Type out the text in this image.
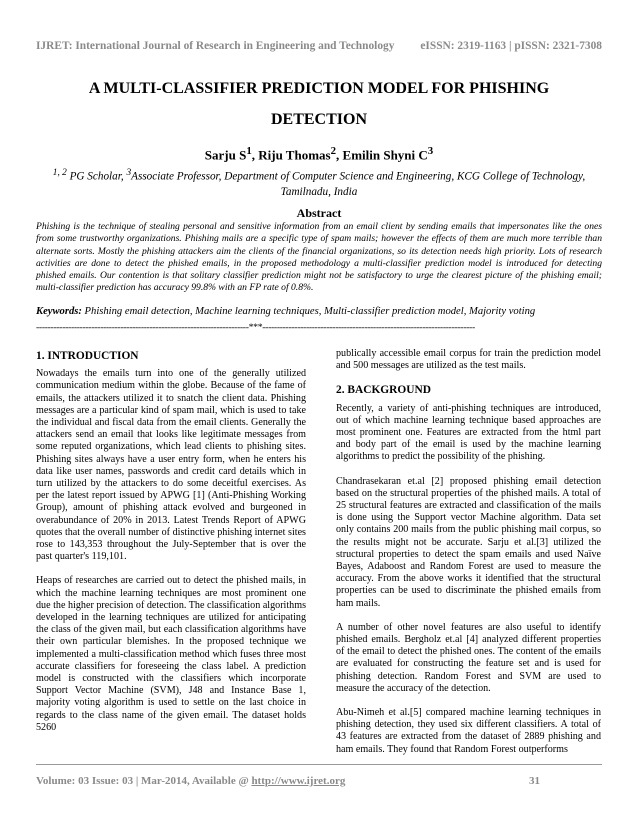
IJRET: International Journal of Research in Engineering and Technology eISSN: 2319-1163 | pISSN: 2321-7308
A MULTI-CLASSIFIER PREDICTION MODEL FOR PHISHING DETECTION
Sarju $S^1$, Riju Thomas$^2$, Emilin Shyni $C^3$
$^{1, 2}$ PG Scholar, $^3$Associate Professor, Department of Computer Science and Engineering, KCG College of Technology, Tamilnadu, India
Abstract
Phishing is the technique of stealing personal and sensitive information from an email client by sending emails that impersonates like the ones from some trustworthy organizations. Phishing mails are a specific type of spam mails; however the effects of them are much more terrible than alternate sorts. Mostly the phishing attackers aim the clients of the financial organizations, so its detection needs high priority. Lots of research activities are done to detect the phished emails, in the proposed methodology a multi-classifier prediction model is introduced for detecting phished emails. Our contention is that solitary classifier prediction might not be satisfactory to urge the clearest picture of the phishing email; multi-classifier prediction has accuracy 99.8% with an FP rate of 0.8%.
Keywords: Phishing email detection, Machine learning techniques, Multi-classifier prediction model, Majority voting
-------------------------------------------------------------------------***-------------------------------------------------------------------------
1. INTRODUCTION

Nowadays the emails turn into one of the generally utilized communication medium within the globe. Because of the fame of emails, the attackers utilized it to snatch the client data. Phishing messages are a particular kind of spam mail, which is used to take the individual and fiscal data from the email clients. Generally the attackers send an email that looks like legitimate messages from some reputed organizations, which lead clients to phishing sites. Phishing sites always have a user entry form, when he enters his data like user names, passwords and credit card details which in turn utilized by the attackers to do some deceitful exercises. As per the latest report issued by APWG [1] (Anti-Phishing Working Group), amount of phishing attack evolved and burgeoned in overabundance of 20% in 2013. Latest Trends Report of APWG quotes that the overall number of distinctive phishing internet sites rose to 143,353 throughout the July-September that is over the past quarter's 119,101.

Heaps of researches are carried out to detect the phished mails, in which the machine learning techniques are most prominent one due the higher precision of detection. The classification algorithms developed in the learning techniques are utilized for anticipating the class of the given mail, but each classification algorithms have their own particular blemishes. In the proposed technique we implemented a multi-classification method which fuses three most accurate classifiers for foreseeing the class label. A prediction model is constructed with the classifiers which incorporate Support Vector Machine (SVM), J48 and Instance Base 1, majority voting algorithm is used to settle on the last choice in regards to the class name of the given email. The dataset holds 5260

publically accessible email corpus for train the prediction model and 500 messages are utilized as the test mails.

2. BACKGROUND

Recently, a variety of anti-phishing techniques are introduced, out of which machine learning technique based approaches are most prominent one. Features are extracted from the html part and body part of the email is used by the machine learning algorithms to predict the possibility of the phishing.

Chandrasekaran et.al [2] proposed phishing email detection based on the structural properties of the phished mails. A total of 25 structural features are extracted and classification of the mails is done using the Support vector Machine algorithm. Data set only contains 200 mails from the public phishing mail corpus, so the results might not be accurate. Sarju et al.[3] utilized the structural properties to detect the spam emails and used Naïve Bayes, Adaboost and Random Forest are used to measure the accuracy. From the above works it identified that the structural properties can be used to discriminate the phished emails from ham mails.

A number of other novel features are also useful to identify phished emails. Bergholz et.al [4] analyzed different properties of the email to detect the phished ones. The content of the emails are evaluated for constructing the feature set and is used for phishing detection. Random Forest and SVM are used to measure the accuracy of the detection.

Abu-Nimeh et al.[5] compared machine learning techniques in phishing detection, they used six different classifiers. A total of 43 features are extracted from the dataset of 2889 phishing and ham emails. They found that Random Forest outperforms

Volume: 03 Issue: 03 | Mar-2014, Available @ http://www.ijret.org	31
